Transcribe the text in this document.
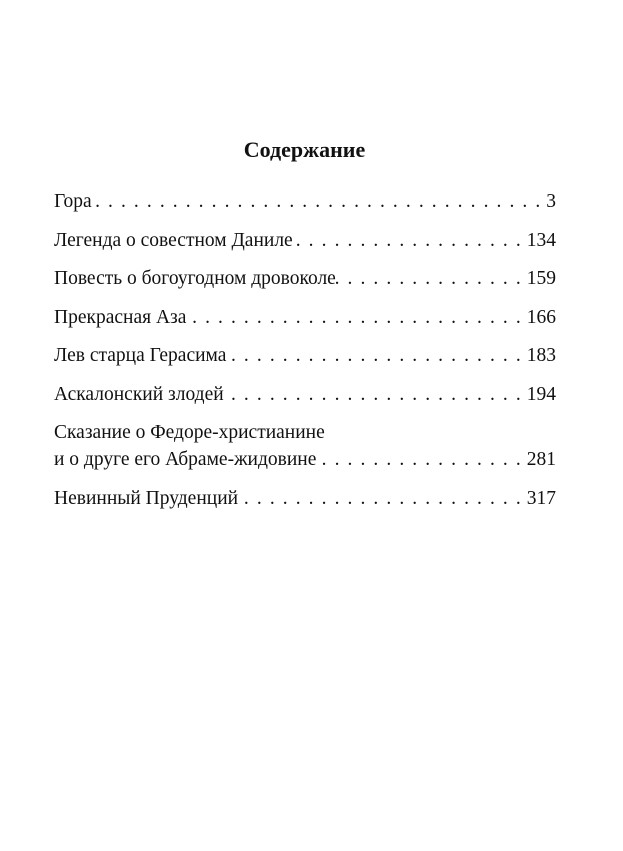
Содержание
Гора . . .	3
Легенда о совестном Даниле . . .	134
Повесть о богоугодном дровоколе . . .	159
Прекрасная Аза . . .	166
Лев старца Герасима . . .	183
Аскалонский злодей . . .	194
Сказание о Федоре-христианине
и о друге его Абраме-жидовине . . .	281
Невинный Пруденций . . .	317
